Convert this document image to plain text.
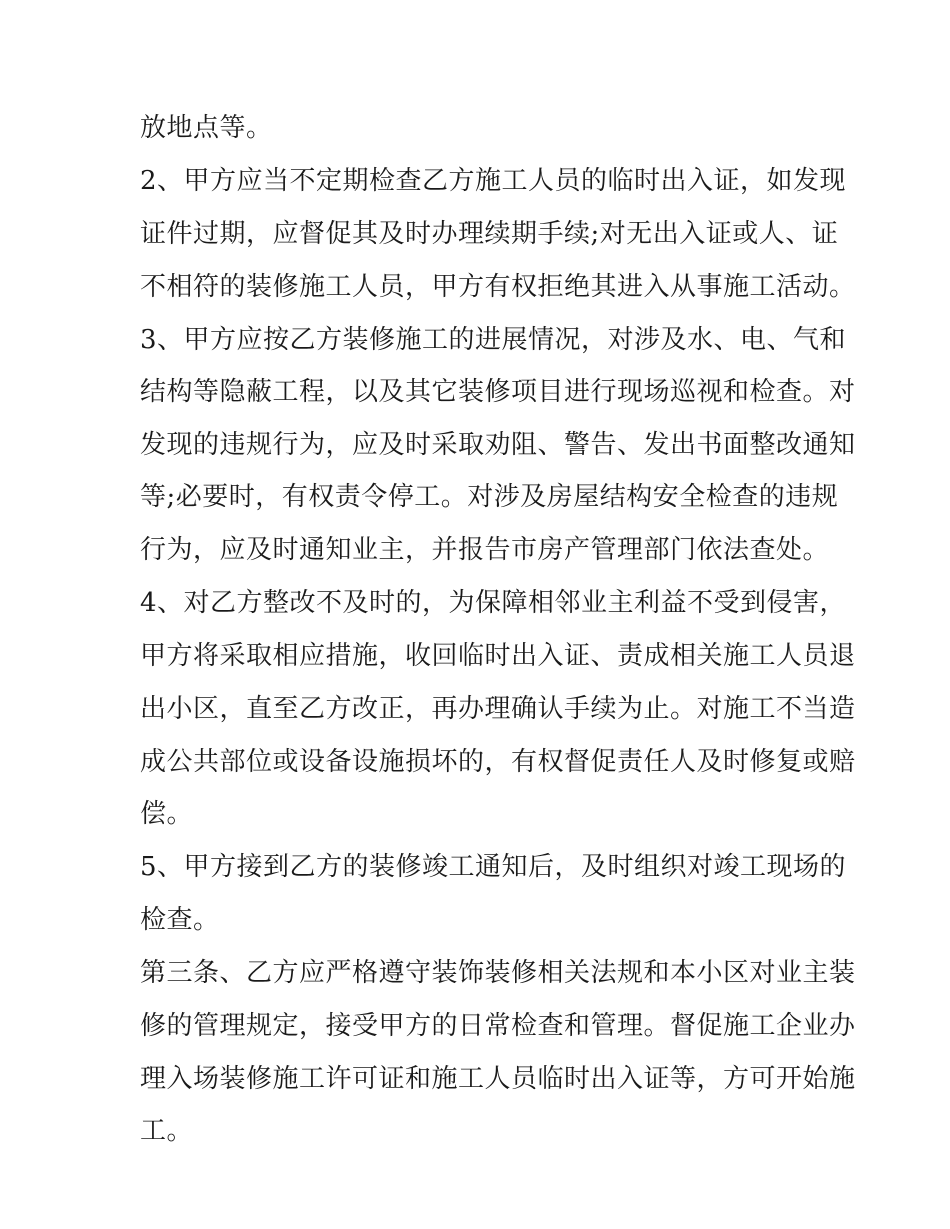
放地点等。
2、甲方应当不定期检查乙方施工人员的临时出入证，如发现
证件过期，应督促其及时办理续期手续;对无出入证或人、证
不相符的装修施工人员，甲方有权拒绝其进入从事施工活动。
3、甲方应按乙方装修施工的进展情况，对涉及水、电、气和
结构等隐蔽工程，以及其它装修项目进行现场巡视和检查。对
发现的违规行为，应及时采取劝阻、警告、发出书面整改通知
等;必要时，有权责令停工。对涉及房屋结构安全检查的违规
行为，应及时通知业主，并报告市房产管理部门依法查处。
4、对乙方整改不及时的，为保障相邻业主利益不受到侵害，
甲方将采取相应措施，收回临时出入证、责成相关施工人员退
出小区，直至乙方改正，再办理确认手续为止。对施工不当造
成公共部位或设备设施损坏的，有权督促责任人及时修复或赔
偿。
5、甲方接到乙方的装修竣工通知后，及时组织对竣工现场的
检查。
第三条、乙方应严格遵守装饰装修相关法规和本小区对业主装
修的管理规定，接受甲方的日常检查和管理。督促施工企业办
理入场装修施工许可证和施工人员临时出入证等，方可开始施
工。
